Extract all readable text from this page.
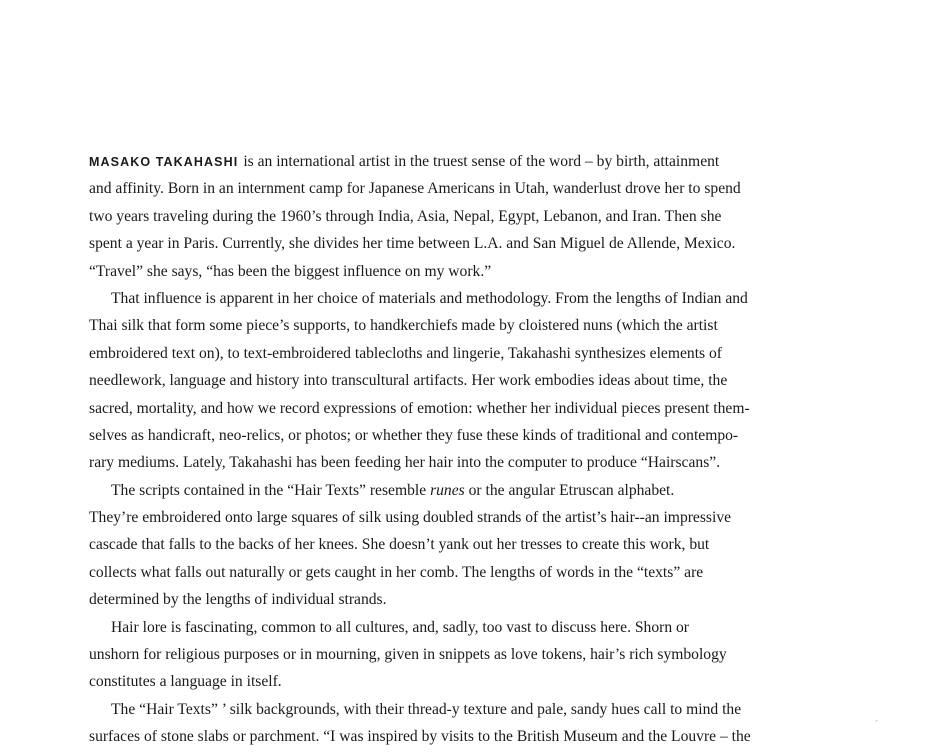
MASAKO TAKAHASHI is an international artist in the truest sense of the word – by birth, attainment
and affinity. Born in an internment camp for Japanese Americans in Utah, wanderlust drove her to spend
two years traveling during the 1960’s through India, Asia, Nepal, Egypt, Lebanon, and Iran. Then she
spent a year in Paris. Currently, she divides her time between L.A. and San Miguel de Allende, Mexico.
“Travel” she says, “has been the biggest influence on my work.”
That influence is apparent in her choice of materials and methodology. From the lengths of Indian and
Thai silk that form some piece’s supports, to handkerchiefs made by cloistered nuns (which the artist
embroidered text on), to text-embroidered tablecloths and lingerie, Takahashi synthesizes elements of
needlework, language and history into transcultural artifacts. Her work embodies ideas about time, the
sacred, mortality, and how we record expressions of emotion: whether her individual pieces present them-
selves as handicraft, neo-relics, or photos; or whether they fuse these kinds of traditional and contempo-
rary mediums. Lately, Takahashi has been feeding her hair into the computer to produce “Hairscans”.
The scripts contained in the “Hair Texts” resemble
runes
or the angular Etruscan alphabet.
They’re embroidered onto large squares of silk using doubled strands of the artist’s hair--an impressive
cascade that falls to the backs of her knees. She doesn’t yank out her tresses to create this work, but
collects what falls out naturally or gets caught in her comb. The lengths of words in the “texts” are
determined by the lengths of individual strands.
Hair lore is fascinating, common to all cultures, and, sadly, too vast to discuss here. Shorn or
unshorn for religious purposes or in mourning, given in snippets as love tokens, hair’s rich symbology
constitutes a language in itself.
The “Hair Texts” ’ silk backgrounds, with their thread-y texture and pale, sandy hues call to mind the
surfaces of stone slabs or parchment. “I was inspired by visits to the British Museum and the Louvre – the
‣
